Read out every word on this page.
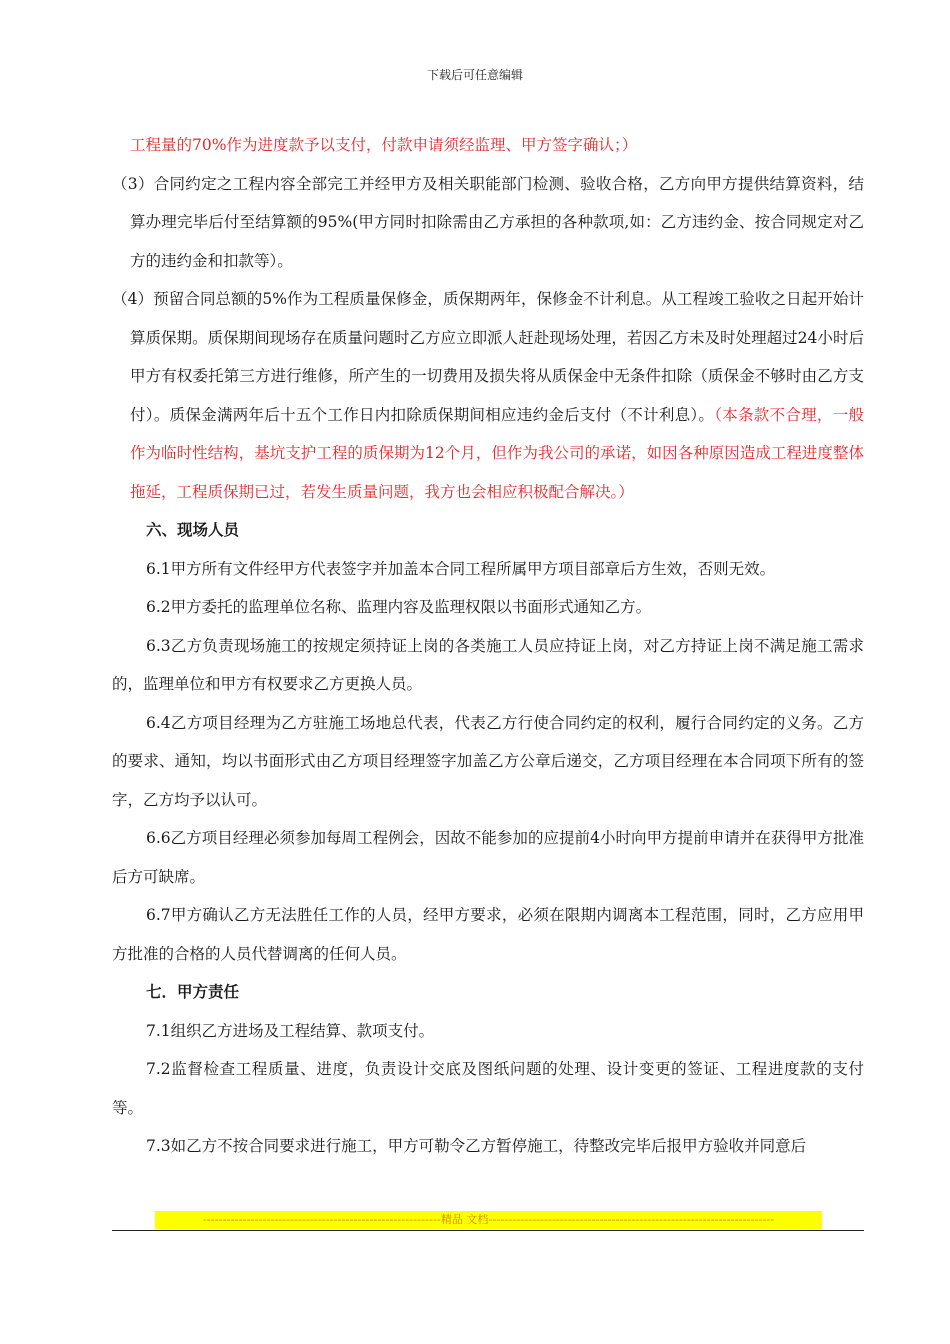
下载后可任意编辑

工程量的70%作为进度款予以支付，付款申请须经监理、甲方签字确认；）

（3）合同约定之工程内容全部完工并经甲方及相关职能部门检测、验收合格，乙方向甲方提供结算资料，结算办理完毕后付至结算额的95%(甲方同时扣除需由乙方承担的各种款项,如：乙方违约金、按合同规定对乙方的违约金和扣款等）。

（4）预留合同总额的5%作为工程质量保修金，质保期两年，保修金不计利息。从工程竣工验收之日起开始计算质保期。质保期间现场存在质量问题时乙方应立即派人赶赴现场处理，若因乙方未及时处理超过24小时后甲方有权委托第三方进行维修，所产生的一切费用及损失将从质保金中无条件扣除（质保金不够时由乙方支付）。质保金满两年后十五个工作日内扣除质保期间相应违约金后支付（不计利息）。（本条款不合理，一般作为临时性结构，基坑支护工程的质保期为12个月，但作为我公司的承诺，如因各种原因造成工程进度整体拖延，工程质保期已过，若发生质量问题，我方也会相应积极配合解决。）

六、现场人员

6.1甲方所有文件经甲方代表签字并加盖本合同工程所属甲方项目部章后方生效，否则无效。

6.2甲方委托的监理单位名称、监理内容及监理权限以书面形式通知乙方。

6.3乙方负责现场施工的按规定须持证上岗的各类施工人员应持证上岗，对乙方持证上岗不满足施工需求的，监理单位和甲方有权要求乙方更换人员。

6.4乙方项目经理为乙方驻施工场地总代表，代表乙方行使合同约定的权利，履行合同约定的义务。乙方的要求、通知，均以书面形式由乙方项目经理签字加盖乙方公章后递交，乙方项目经理在本合同项下所有的签字，乙方均予以认可。

6.6乙方项目经理必须参加每周工程例会，因故不能参加的应提前4小时向甲方提前申请并在获得甲方批准后方可缺席。

6.7甲方确认乙方无法胜任工作的人员，经甲方要求，必须在限期内调离本工程范围，同时，乙方应用甲方批准的合格的人员代替调离的任何人员。

七．甲方责任

7.1组织乙方进场及工程结算、款项支付。

7.2监督检查工程质量、进度，负责设计交底及图纸问题的处理、设计变更的签证、工程进度款的支付等。

7.3如乙方不按合同要求进行施工，甲方可勒令乙方暂停施工，待整改完毕后报甲方验收并同意后

------------------------------------------------------------精品 文档------------------------------------------------------------------------
